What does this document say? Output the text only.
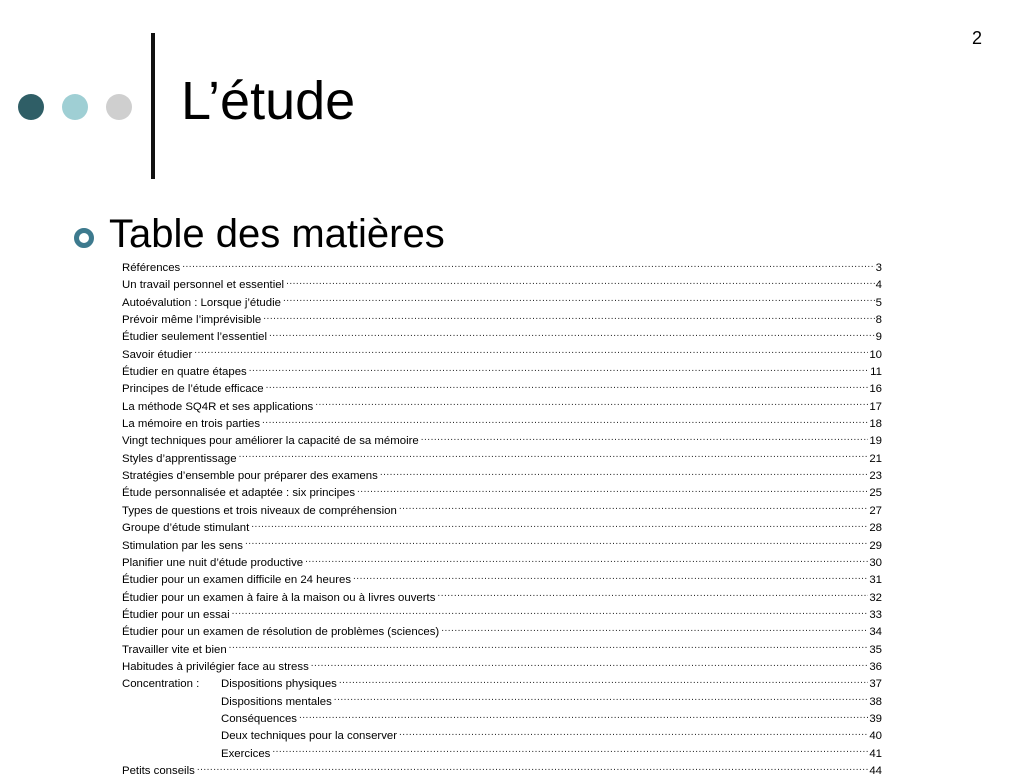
2
L’étude
Table des matières
Références .....	3
Un travail personnel et essentiel .....	4
Autoévalution : Lorsque j’étudie .....	5
Prévoir même l’imprévisible .....	8
Étudier seulement l’essentiel .....	9
Savoir étudier .....	10
Étudier en quatre étapes .....	11
Principes de l’étude efficace .....	16
La méthode SQ4R et ses applications .....	17
La mémoire en trois parties .....	18
Vingt techniques pour améliorer la capacité de sa mémoire .....	19
Styles d’apprentissage .....	21
Stratégies d’ensemble pour préparer des examens .....	23
Étude personnalisée et adaptée : six principes .....	25
Types de questions et trois niveaux de compréhension .....	27
Groupe d’étude stimulant .....	28
Stimulation par les sens .....	29
Planifier une nuit d’étude productive .....	30
Étudier pour un examen difficile en 24 heures .....	31
Étudier pour un examen à faire à la maison ou à livres ouverts .....	32
Étudier pour un essai .....	33
Étudier pour un examen de résolution de problèmes (sciences) .....	34
Travailler vite et bien .....	35
Habitudes à privilégier face au stress .....	36
Concentration :	Dispositions physiques .....	37
Dispositions mentales .....	38
Conséquences .....	39
Deux techniques pour la conserver .....	40
Exercices .....	41
Petits conseils .....	44
